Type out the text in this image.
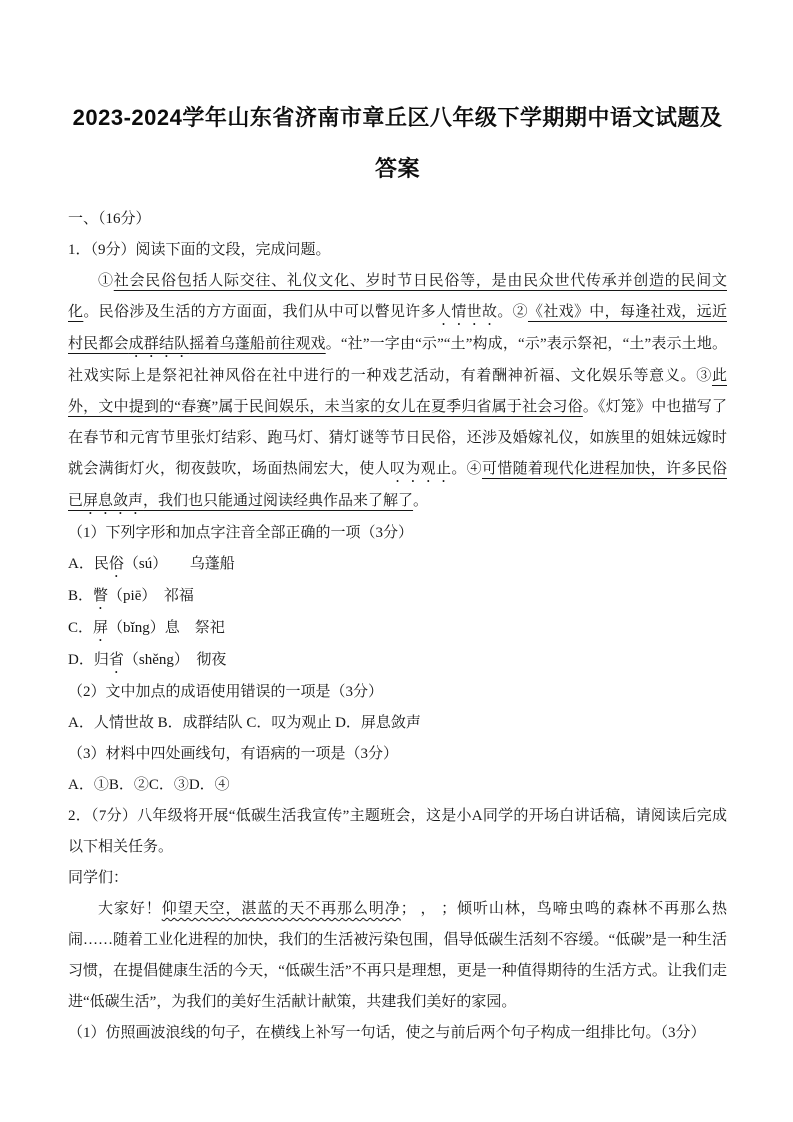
2023-2024学年山东省济南市章丘区八年级下学期期中语文试题及答案
一、（16分）
1．（9分）阅读下面的文段，完成问题。

①社会民俗包括人际交往、礼仪文化、岁时节日民俗等，是由民众世代传承并创造的民间文化。民俗涉及生活的方方面面，我们从中可以瞥见许多人情世故。②《社戏》中，每逢社戏，远近村民都会成群结队摇着乌蓬船前往观戏。“社”一字由“示”“土”构成，“示”表示祭祀，“土”表示土地。社戏实际上是祭祀社神风俗在社中进行的一种戏艺活动，有着酬神祈福、文化娱乐等意义。③此外，文中提到的“春赛”属于民间娱乐，未当家的女儿在夏季归省属于社会习俗。《灯笼》中也描写了在春节和元宵节里张灯结彩、跑马灯、猜灯谜等节日民俗，还涉及婚嫁礼仪，如族里的姐妹远嫁时就会满街灯火，彻夜鼓吹，场面热闹宏大，使人叹为观止。④可惜随着现代化进程加快，许多民俗已屏息敛声，我们也只能通过阅读经典作品来了解了。

（1）下列字形和加点字注音全部正确的一项（3分）
A．民俗（sú）　　乌蓬船
B．瞥（piē）　祁福
C．屏（bǐng）息　祭祀
D．归省（shěng）　彻夜
（2）文中加点的成语使用错误的一项是（3分）
A．人情世故 B．成群结队 C．叹为观止 D．屏息敛声
（3）材料中四处画线句，有语病的一项是（3分）
A．①B．②C．③D．④

2．（7分）八年级将开展“低碳生活我宣传”主题班会，这是小A同学的开场白讲话稿，请阅读后完成以下相关任务。

同学们：

大家好！仰望天空，湛蓝的天不再那么明净； ， ；倾听山林，鸟啼虫鸣的森林不再那么热闹……随着工业化进程的加快，我们的生活被污染包围，倡导低碳生活刻不容缓。“低碳”是一种生活习惯，在提倡健康生活的今天，“低碳生活”不再只是理想，更是一种值得期待的生活方式。让我们走进“低碳生活”，为我们的美好生活献计献策，共建我们美好的家园。

（1）仿照画波浪线的句子，在横线上补写一句话，使之与前后两个句子构成一组排比句。（3分）
